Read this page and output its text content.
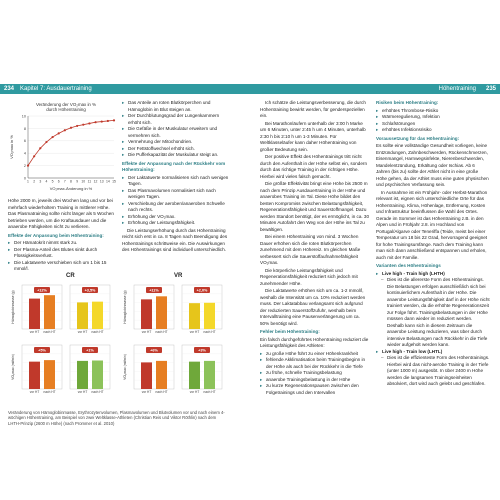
234 Kapitel 7: Ausdauertraining	Höhentraining 235
Veränderung der VO₂max in %
durch Höhentraining
0
2
4
6
8
10
1 2 3 4 5 6 7 8 9 10 11 12 13 14 15
VO₂max-Änderung in %
VO₂max in %

Höhe 2000 m, jeweils drei Wochen lang und vor bei mehrfach wiederholtem Training in mittlerer Höhe. Das Plasmatraining sollte nicht länger als 5 Wochen betrieben werden, um die Kraftausdauer und die anaerobe Fähigkeiten nicht zu verlieren.

Effekte der Anpassung beim Höhentraining:
▸ Der Hämatokrit nimmt stark zu.
▸ Der Plasma-Anteil des Blutes sinkt durch Flüssigkeitsverlust.
▸ Die Laktatwerte verschieben sich um 1 bis 15 mmol/l.
▸ Das Anteile an roten Blutkörperchen und Hämoglobin im Blut steigen an.
▸ Der Durchblutungsgrad der Lungenkammern erhöht sich.
▸ Die Gefäße in der Muskulatur erweitern und vermehren sich.
▸ Vermehrung der Mitochondrien.
▸ Der Fettstoffwechsel erhöht sich.
▸ Die Pufferkapazität der Muskulatur steigt an.
Effekte der Anpassung nach der Rückkehr vom Höhentraining:
▸ Der Laktatwerte normalisieren sich nach wenigen Tagen.
▸ Das Plasmavolumen normalisiert sich nach wenigen Tagen.
▸ Verschiebung der aeroben/anaeroben Schwelle nach rechts.
▸ Erhöhung der VO₂max.
▸ Erhöhung der Leistungsfähigkeit.

Die Leistungserhöhung durch das Höhentraining reicht sich erst in ca. 8 Tagen nach Beendigung des Höhentrainings schrittweise ein. Die Auswirkungen des Höhentrainings sind individuell unterschiedlich.

CR
vor HT nach HT
+12%
vor HT nach HT
+3,5%
vor HT nach HT
+5%
vor HT nach HT
+1%
Hämoglobinmasse (g)
VO₂max (ml/min)
VR
vor HT nach HT
+11%
vor HT nach HT
+2,0%
vor HT nach HT
+6%
vor HT nach HT
+3%
Hämoglobinmasse (g)
VO₂max (ml/min)
Veränderung von Hämoglobinmasse, Erythrozytenvolumen, Plasmavolumen und Blutvolumen vor und nach einem 4-wöchigen Höhentraining, am Beispiel von zwei Weltklasse-Athleten (Christian Reis und Viktor Röthlin) nach dem LHTH-Prinzip (2600 m Höhe) (nach Prommer et al. 2010)

Ich schätze die Leistungsverbesserung, die durch Höhentraining bewirkt werden, für genderspeziellen ein.

Bei Marathonläufern unterhalb der 3:00 h Marke um 6 Minuten, unter 2:45 h um 4 Minuten, unterhalb 2:30 h bis 2:10 h um 1-3 Minuten. Für Weltklasseläufer kann daher Höhentraining von großer Bedeutung sein.

Der positive Effekt des Höhentrainings tritt nicht durch den Aufenthalt in der Höhe selbst ein, sondern durch das richtige Training in der richtigen Höhe. Hierbei wird vieles falsch gemacht.

Die größte Effektivität bringt eine Höhe bis 2500 m nach dem Prinzip Ausdauertraining in der Höhe und anaerobes Training im Tal. Diese Höhe bildet den besten Kompromiss zwischen Belastungsfähigkeit, Regenerationsfähigkeit und Sauerstoffmangel. Dazu werden Standort benötigt, der es ermöglicht, in ca. 30 Minuten Autofahrt den Weg von der Höhe ins Tal zu bewältigen.

Bei einem Höhentraining von mind. 3 Wochen Dauer erhöhen sich die roten Blutkörperchen zunehmend mit dem Höhereiz. Im gleichen Maße verbessert sich die Sauerstoffaufnahmefähigkeit VO₂max.

Die körperliche Leistungsfähigkeit und Regenerationsfähigkeit reduziert sich jedoch mit zunehmender Höhe.

Die Laktatwerte erhöhen sich um ca. 1-2 mmol/l, weshalb die Intensität um ca. 10% reduziert werden muss. Der Laktatabbau verlangsamt sich aufgrund der reduzierten Sauerstoffzufuhr, weshalb beim Intervalltraining eine Pausenverlängerung um ca. 50% benötigt wird.

Fehler beim Höhentraining:

Ein falsch durchgeführtes Höhentraining reduziert die Leistungsfähigkeit des Athleten:

▸ zu große Höhe führt zu einer Höhenkrankheit
▸ fehlende Akklimatisation beim Trainingsbeginn in der Höhe als auch bei der Rückkehr in die Tiefe
▸ zu frühe, schnelle Trainingsbelastung
▸ anaerobe Trainingsbelastung in der Höhe
▸ zu kurze Regenerationspausen zwischen den Folgetrainings und den Intervallen
Risiken beim Höhentraining:
▸ erhöhtes Thrombose-Risiko
▸ Wärmeregulierung, Infektion
▸ Schlafstörungen
▸ erhöhtes Infektionsrisiko
Voraussetzung für das Höhentraining:

Es sollte eine vollständige Gesundheit vorliegen, keine Entzündungen, Zahnbeschwerden, Rückenschmerzen, Eisenmangel, Harnwegsinfekte, Nierenbeschwerden, Mandelentzündung, Erkältung oder Ischias. Ab 6 Jahren (bis zu) sollte der Athlet nicht in eine große Höhe gehen, da der Athlet muss eine guten physischen und psychischen Verfassung sein.

In Ausnahme ist ein Frühjahr- oder Herbst-Marathon relevant ist, eignen sich unterschiedliche Orte für das Höhentraining. Klima, Höhenlage, Entfernung, Kosten und Infrastruktur beeinflussen die Wahl des Ortes. Gerade im Sommer ist das Höhentraining z.B. in den Alpen und in Frühjahr 2.8. im Hochland von Portugal/Algarve oder Teneriffa (Teide, meist bei einer Temperatur um 18 bis 22 Grad, hervorragend geeignet für hohe Trainingsumfänge. Nach dem Training kann man sich dann anschließend entspannen und erholen, auch mit der Familie.

Varianten des Höhentrainings
▸ Live high - Train high (LHTH)
– Dies ist die allererste Form des Höhentrainings. Die Belastungen erfolgen ausschließlich sich bei kontinuierlichem Aufenthalt in der Höhe. Die anaerobe Leistungsfähigkeit darf in der Höhe nicht trainiert werden, da die erhöhte Regenerationszeit zur Folge führt. Trainingsbelastungen in der Höhe müssen dann wieder im reduziert werden. Deshalb kann sich in diesem Zeitraum die anaerobe Leistung reduzieren, was über durch intensive Belastungen nach Rückkehr in die Tiefe wieder aufgeholt werden kann.
▸ Live high - Train low (LHTL)
– Dies ist die effizienteste Form des Höhentrainings. Hierbei wird das nicht-aerobe Training in der Tiefe (unter 1000 m) ausgeübt. In über 2400 m Höhe werden die langsamen Trainingseinheiten absolviert, dort wird auch gelebt und geschlafen.
